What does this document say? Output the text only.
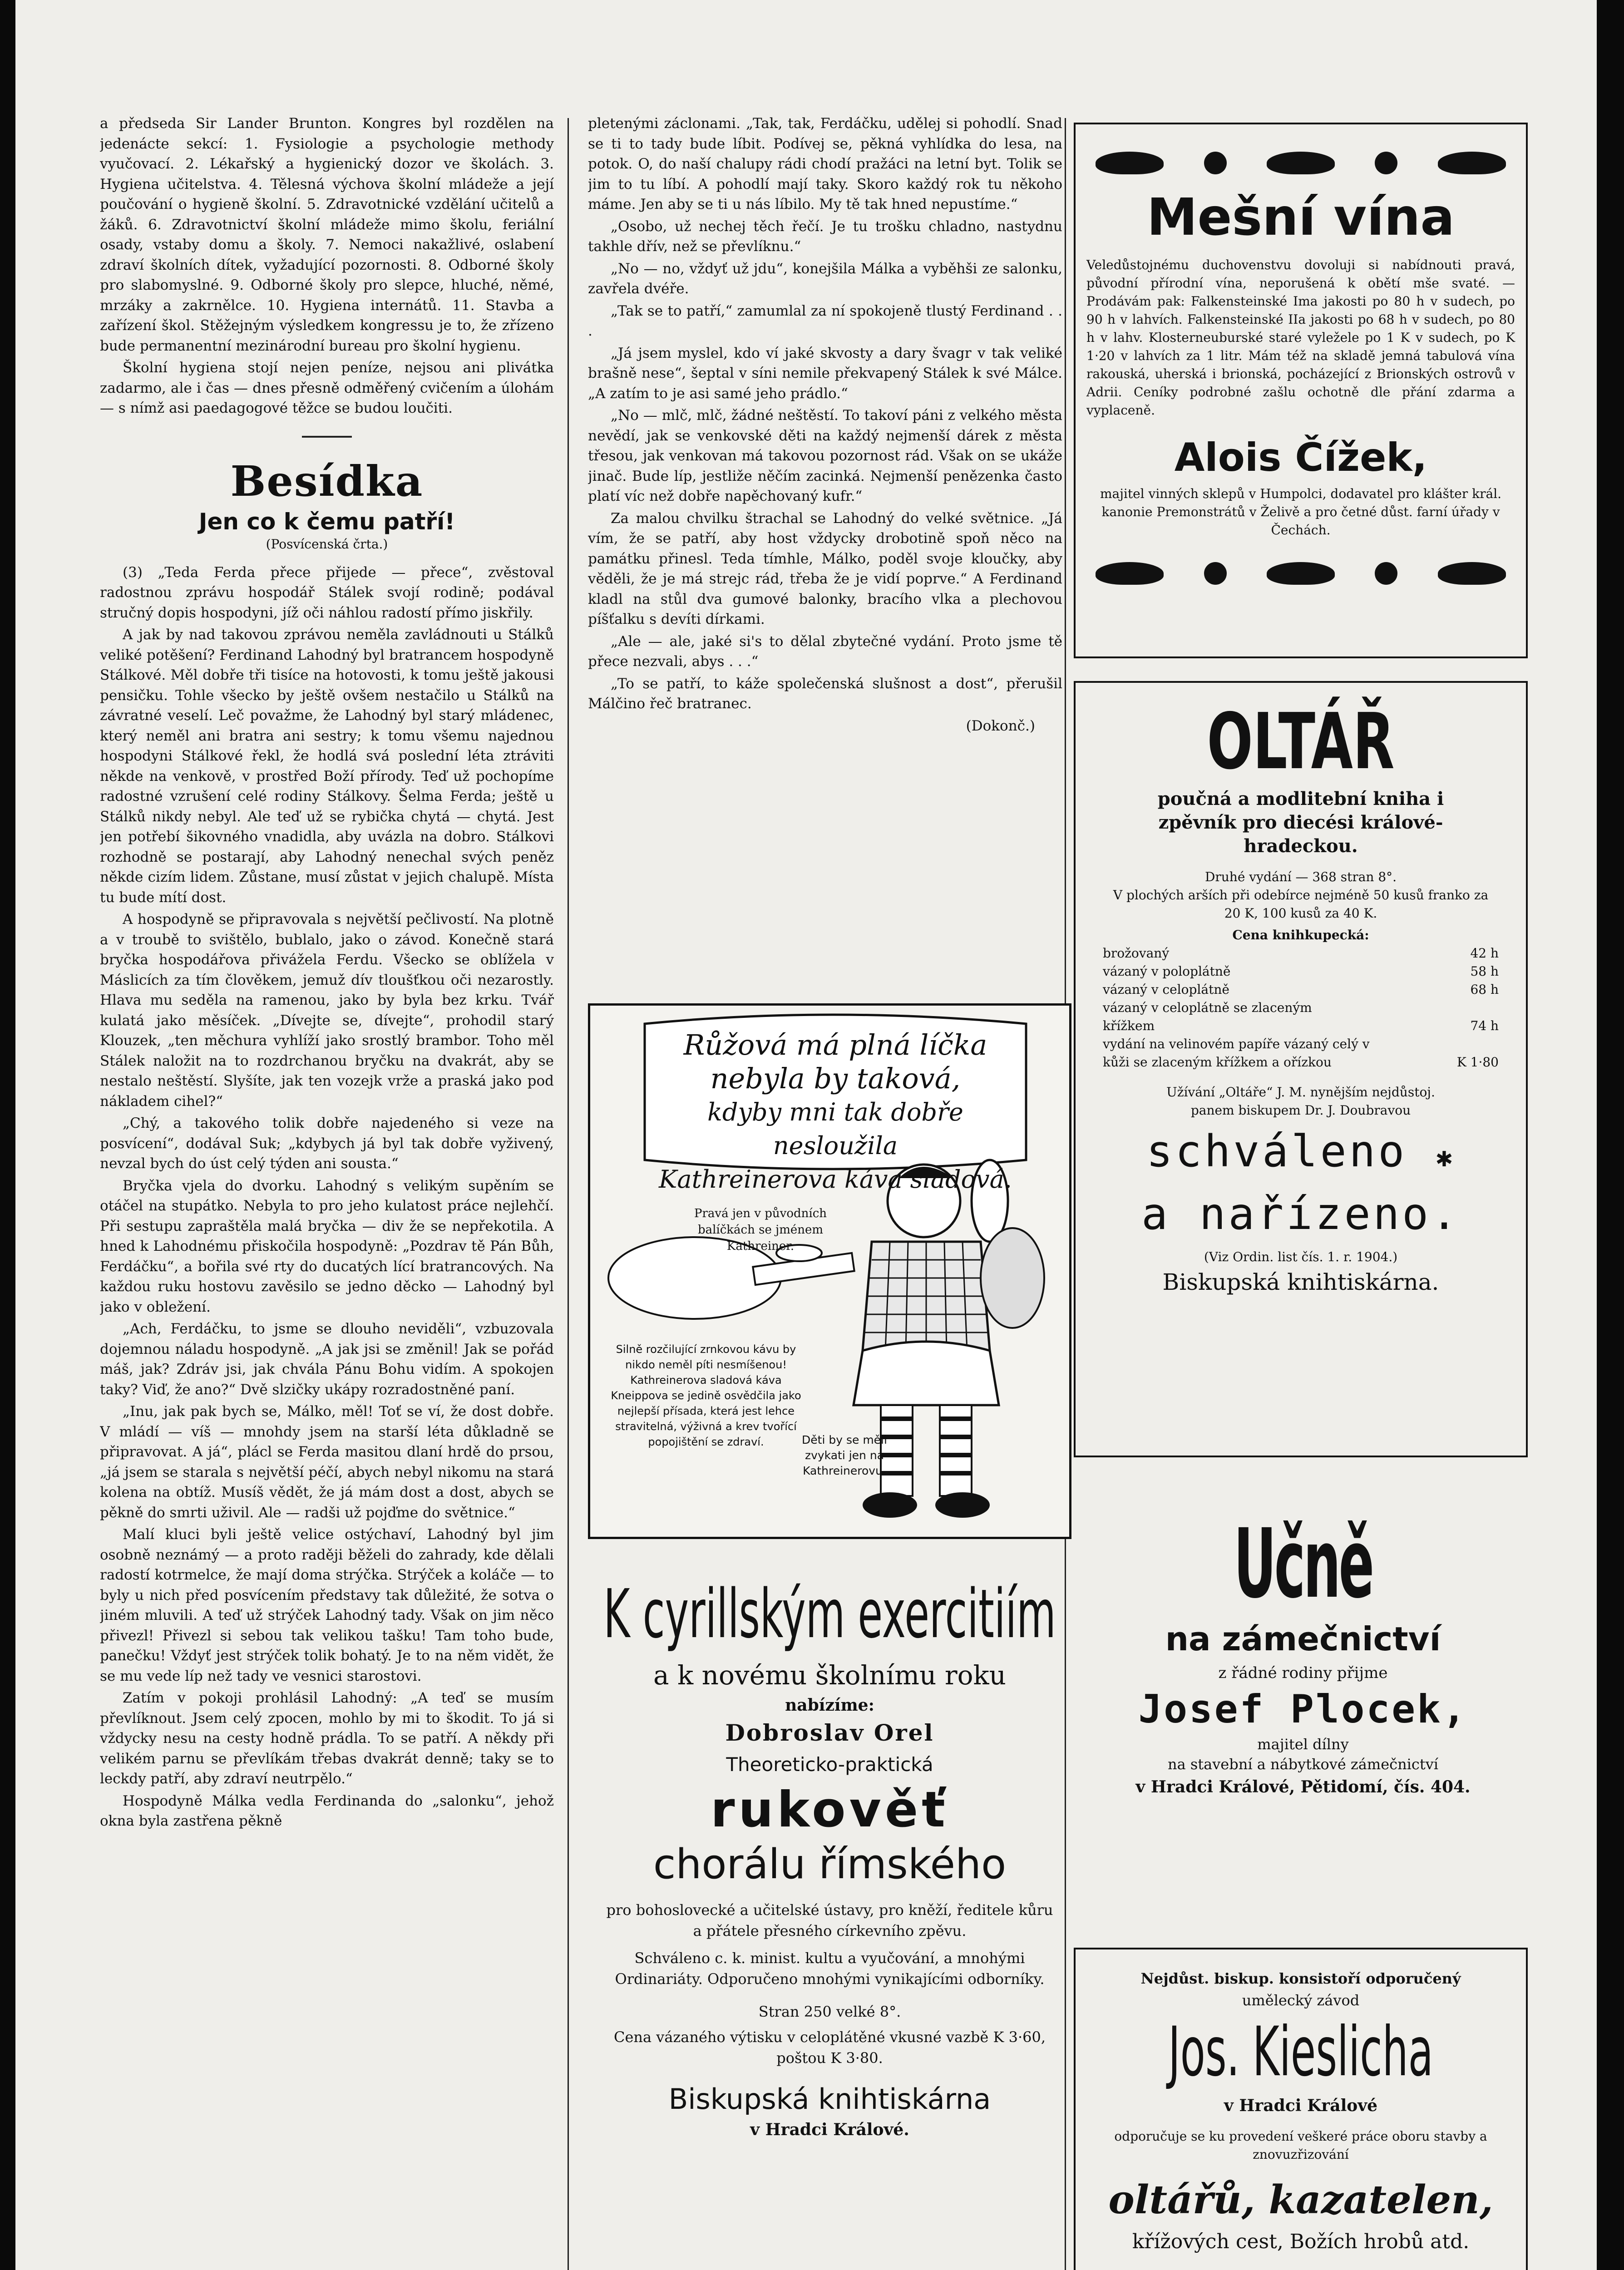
a předseda Sir Lander Brunton. Kongres byl rozdělen na jedenácte sekcí: 1. Fysiologie a psychologie methody vyučovací. 2. Lékařský a hygienický dozor ve školách. 3. Hygiena učitelstva. 4. Tělesná výchova školní mládeže a její poučování o hygieně školní. 5. Zdravotnické vzdělání učitelů a žáků. 6. Zdravotnictví školní mládeže mimo školu, feriální osady, vstaby domu a školy. 7. Nemoci nakažlivé, oslabení zdraví školních dítek, vyžadující pozornosti. 8. Odborné školy pro slabomyslné. 9. Odborné školy pro slepce, hluché, němé, mrzáky a zakrnělce. 10. Hygiena internátů. 11. Stavba a zařízení škol. Stěžejným výsledkem kongressu je to, že zřízeno bude permanentní mezinárodní bureau pro školní hygienu.

Školní hygiena stojí nejen peníze, nejsou ani plivátka zadarmo, ale i čas — dnes přesně odměřený cvičením a úlohám — s nímž asi paedagogové těžce se budou loučiti.

Besídka
Jen co k čemu patří!
(Posvícenská črta.)

(3) „Teda Ferda přece přijede — přece“, zvěstoval radostnou zprávu hospodář Stálek svojí rodině; podával stručný dopis hospodyni, jíž oči náhlou radostí přímo jiskřily.

A jak by nad takovou zprávou neměla zavládnouti u Stálků veliké potěšení? Ferdinand Lahodný byl bratrancem hospodyně Stálkové. Měl dobře tři tisíce na hotovosti, k tomu ještě jakousi pensičku. Tohle všecko by ještě ovšem nestačilo u Stálků na závratné veselí. Leč považme, že Lahodný byl starý mládenec, který neměl ani bratra ani sestry; k tomu všemu najednou hospodyni Stálkové řekl, že hodlá svá poslední léta ztráviti někde na venkově, v prostřed Boží přírody. Teď už pochopíme radostné vzrušení celé rodiny Stálkovy. Šelma Ferda; ještě u Stálků nikdy nebyl. Ale teď už se rybička chytá — chytá. Jest jen potřebí šikovného vnadidla, aby uvázla na dobro. Stálkovi rozhodně se postarají, aby Lahodný nenechal svých peněz někde cizím lidem. Zůstane, musí zůstat v jejich chalupě. Místa tu bude mítí dost.

A hospodyně se připravovala s největší pečlivostí. Na plotně a v troubě to svištělo, bublalo, jako o závod. Konečně stará bryčka hospodářova přivážela Ferdu. Všecko se oblížela v Máslicích za tím člověkem, jemuž dív tloušťkou oči nezarostly. Hlava mu seděla na ramenou, jako by byla bez krku. Tvář kulatá jako měsíček. „Dívejte se, dívejte“, prohodil starý Klouzek, „ten měchura vyhlíží jako srostlý brambor. Toho měl Stálek naložit na to rozdrchanou bryčku na dvakrát, aby se nestalo neštěstí. Slyšíte, jak ten vozejk vrže a praská jako pod nákladem cihel?“

„Chý, a takového tolik dobře najedeného si veze na posvícení“, dodával Suk; „kdybych já byl tak dobře vyživený, nevzal bych do úst celý týden ani sousta.“

Bryčka vjela do dvorku. Lahodný s velikým supěním se otáčel na stupátko. Nebyla to pro jeho kulatost práce nejlehčí. Při sestupu zapraštěla malá bryčka — div že se nepřekotila. A hned k Lahodnému přiskočila hospodyně: „Pozdrav tě Pán Bůh, Ferdáčku“, a bořila své rty do ducatých lící bratrancových. Na každou ruku hostovu zavěsilo se jedno děcko — Lahodný byl jako v obležení.

„Ach, Ferdáčku, to jsme se dlouho neviděli“, vzbuzovala dojemnou náladu hospodyně. „A jak jsi se změnil! Jak se pořád máš, jak? Zdráv jsi, jak chvála Pánu Bohu vidím. A spokojen taky? Viď, že ano?“ Dvě slzičky ukápy rozradostněné paní.

„Inu, jak pak bych se, Málko, měl! Toť se ví, že dost dobře. V mládí — víš — mnohdy jsem na starší léta důkladně se připravovat. A já“, plácl se Ferda masitou dlaní hrdě do prsou, „já jsem se starala s největší péčí, abych nebyl nikomu na stará kolena na obtíž. Musíš vědět, že já mám dost a dost, abych se pěkně do smrti uživil. Ale — radši už pojďme do světnice.“

Malí kluci byli ještě velice ostýchaví, Lahodný byl jim osobně neznámý — a proto raději běželi do zahrady, kde dělali radostí kotrmelce, že mají doma strýčka. Strýček a koláče — to byly u nich před posvícením představy tak důležité, že sotva o jiném mluvili. A teď už strýček Lahodný tady. Však on jim něco přivezl! Přivezl si sebou tak velikou tašku! Tam toho bude, panečku! Vždyť jest strýček tolik bohatý. Je to na něm vidět, že se mu vede líp než tady ve vesnici starostovi.

Zatím v pokoji prohlásil Lahodný: „A teď se musím převlíknout. Jsem celý zpocen, mohlo by mi to škodit. To já si vždycky nesu na cesty hodně prádla. To se patří. A někdy při velikém parnu se převlíkám třebas dvakrát denně; taky se to leckdy patří, aby zdraví neutrpělo.“

Hospodyně Málka vedla Ferdinanda do „salonku“, jehož okna byla zastřena pěkně

pletenými záclonami. „Tak, tak, Ferdáčku, udělej si pohodlí. Snad se ti to tady bude líbit. Podívej se, pěkná vyhlídka do lesa, na potok. O, do naší chalupy rádi chodí pražáci na letní byt. Tolik se jim to tu líbí. A pohodlí mají taky. Skoro každý rok tu někoho máme. Jen aby se ti u nás líbilo. My tě tak hned nepustíme.“

„Osobo, už nechej těch řečí. Je tu trošku chladno, nastydnu takhle dřív, než se převlíknu.“

„No — no, vždyť už jdu“, konejšila Málka a vyběhši ze salonku, zavřela dvéře.

„Tak se to patří,“ zamumlal za ní spokojeně tlustý Ferdinand . . .

„Já jsem myslel, kdo ví jaké skvosty a dary švagr v tak veliké brašně nese“, šeptal v síni nemile překvapený Stálek k své Málce. „A zatím to je asi samé jeho prádlo.“

„No — mlč, mlč, žádné neštěstí. To takoví páni z velkého města nevědí, jak se venkovské děti na každý nejmenší dárek z města třesou, jak venkovan má takovou pozornost rád. Však on se ukáže jinač. Bude líp, jestliže něčím zacinká. Nejmenší penězenka často platí víc než dobře napěchovaný kufr.“

Za malou chvilku štrachal se Lahodný do velké světnice. „Já vím, že se patří, aby host vždycky drobotině spoň něco na památku přinesl. Teda tímhle, Málko, poděl svoje kloučky, aby věděli, že je má strejc rád, třeba že je vidí poprve.“ A Ferdinand kladl na stůl dva gumové balonky, bracího vlka a plechovou píšťalku s devíti dírkami.

„Ale — ale, jaké si's to dělal zbytečné vydání. Proto jsme tě přece nezvali, abys . . .“

„To se patří, to káže společenská slušnost a dost“, přerušil Málčino řeč bratranec.

(Dokonč.)

Růžová má plná líčka
nebyla by taková,
kdyby mni tak dobře nesloužila
Kathreinerova káva sladová.
Pravá jen v původních balíčkách se jménem Kathreiner.
Silně rozčilující zrnkovou kávu by nikdo neměl píti nesmíšenou! Kathreinerova sladová káva Kneippova se jedině osvědčila jako nejlepší přísada, která jest lehce stravitelná, výživná a krev tvořící popojištění se zdraví.	Děti by se měli zvykati jen na Kathreinerovu.
K cyrillským exercitiím
a k novému školnímu roku
nabízíme:
Dobroslav Orel
Theoreticko-praktická
rukověť
chorálu římského

pro bohoslovecké a učitelské ústavy, pro kněží, ředitele kůru a přátele přesného církevního zpěvu.

Schváleno c. k. minist. kultu a vyučování, a mnohými Ordinariáty. Odporučeno mnohými vynikajícími odborníky.

Stran 250 velké 8°.

Cena vázaného výtisku v celoplátěné vkusné vazbě K 3·60, poštou K 3·80.

Biskupská knihtiskárna
v Hradci Králové.
Mešní vína
Veledůstojnému duchovenstvu dovoluji si nabídnouti pravá, původní přírodní vína, neporušená k obětí mše svaté. — Prodávám pak: Falkensteinské Ima jakosti po 80 h v sudech, po 90 h v lahvích. Falkensteinské IIa jakosti po 68 h v sudech, po 80 h v lahv. Klosterneuburské staré vyležele po 1 K v sudech, po K 1·20 v lahvích za 1 litr. Mám též na skladě jemná tabulová vína rakouská, uherská i brionská, pocházející z Brionských ostrovů v Adrii. Ceníky podrobné zašlu ochotně dle přání zdarma a vyplaceně.
Alois Čížek,
majitel vinných sklepů v Humpolci, dodavatel pro klášter král. kanonie Premonstrátů v Želivě a pro četné důst. farní úřady v Čechách.
OLTÁŘ
poučná a modlitební kniha i
zpěvník pro diecési králové-hradeckou.
Druhé vydání — 368 stran 8°.
V plochých arších při odebírce nejméně 50 kusů franko za 20 K, 100 kusů za 40 K.
Cena knihkupecká:
brožovaný	42 h
vázaný v poloplátně	58 h
vázaný v celoplátně	68 h
vázaný v celoplátně se zlaceným křížkem	74 h
vydání na velinovém papíře vázaný celý v kůži se zlaceným křížkem a ořízkou	K 1·80
Užívání „Oltáře“ J. M. nynějším nejdůstoj. panem biskupem Dr. J. Doubravou
schváleno ✱
a nařízeno.
(Viz Ordin. list čís. 1. r. 1904.)
Biskupská knihtiskárna.
Učně
na zámečnictví
z řádné rodiny přijme
Josef Plocek,
majitel dílny
na stavební a nábytkové zámečnictví
v Hradci Králové, Pětidomí, čís. 404.
Nejdůst. biskup. konsistoří odporučený
umělecký závod
Jos. Kieslicha
v Hradci Králové
odporučuje se ku provedení veškeré práce oboru stavby a znovuzřizování
oltářů, kazatelen,
křížových cest, Božích hrobů atd.
